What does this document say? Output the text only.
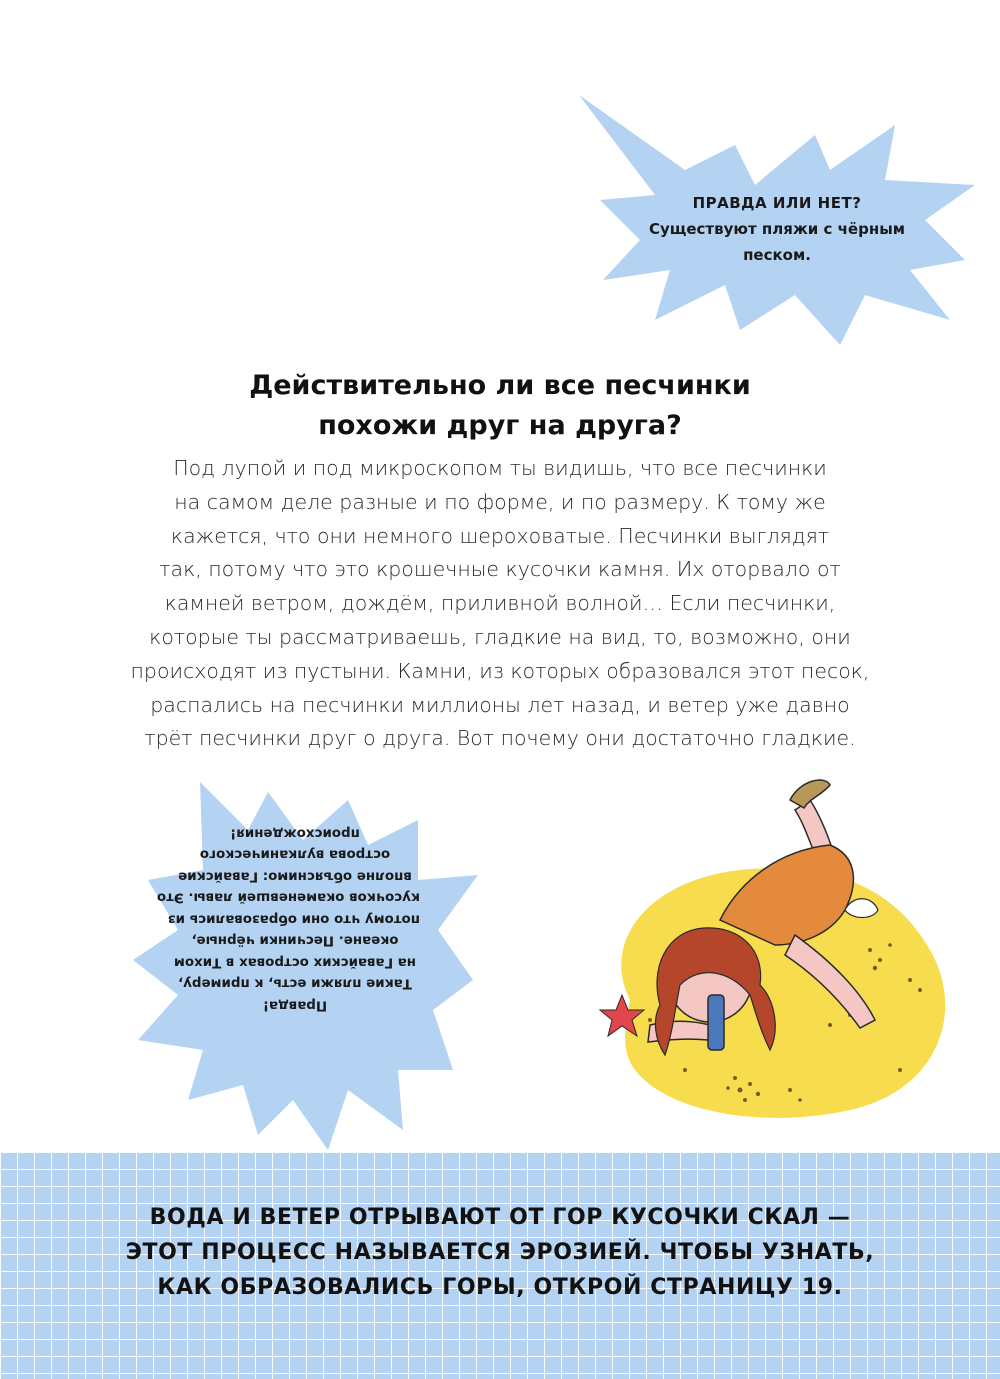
ПРАВДА ИЛИ НЕТ?
Существуют пляжи с чёрным
песком.
Действительно ли все песчинки
похожи друг на друга?
Под лупой и под микроскопом ты видишь, что все песчинки
на самом деле разные и по форме, и по размеру. К тому же
кажется, что они немного шероховатые. Песчинки выглядят
так, потому что это крошечные кусочки камня. Их оторвало от
камней ветром, дождём, приливной волной… Если песчинки,
которые ты рассматриваешь, гладкие на вид, то, возможно, они
происходят из пустыни. Камни, из которых образовался этот песок,
распались на песчинки миллионы лет назад, и ветер уже давно
трёт песчинки друг о друга. Вот почему они достаточно гладкие.
Правда!
Такие пляжи есть, к примеру,
на Гавайских островах в Тихом
океане. Песчинки чёрные,
потому что они образовались из
кусочков окаменевшей лавы. Это
вполне объяснимо: Гавайские
острова вулканического
происхождения!
ВОДА И ВЕТЕР ОТРЫВАЮТ ОТ ГОР КУСОЧКИ СКАЛ —
ЭТОТ ПРОЦЕСС НАЗЫВАЕТСЯ ЭРОЗИЕЙ. ЧТОБЫ УЗНАТЬ,
КАК ОБРАЗОВАЛИСЬ ГОРЫ, ОТКРОЙ СТРАНИЦУ 19.
